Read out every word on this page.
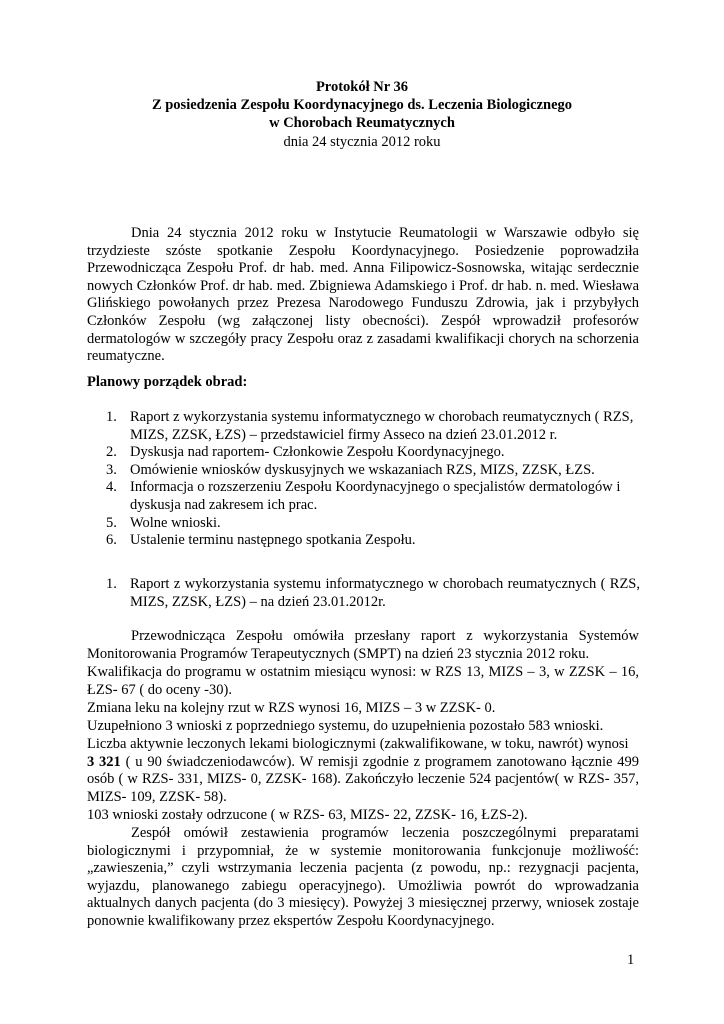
Protokół Nr 36
Z posiedzenia Zespołu Koordynacyjnego ds. Leczenia Biologicznego
w Chorobach Reumatycznych
dnia 24 stycznia 2012 roku
Dnia 24 stycznia 2012 roku w Instytucie Reumatologii w Warszawie odbyło się trzydzieste szóste spotkanie Zespołu Koordynacyjnego. Posiedzenie poprowadziła Przewodnicząca Zespołu Prof. dr hab. med. Anna Filipowicz-Sosnowska, witając serdecznie nowych Członków Prof. dr hab. med. Zbigniewa Adamskiego i Prof. dr hab. n. med. Wiesława Glińskiego powołanych przez Prezesa Narodowego Funduszu Zdrowia, jak i przybyłych Członków Zespołu (wg załączonej listy obecności). Zespół wprowadził profesorów dermatologów w szczegóły pracy Zespołu oraz z zasadami kwalifikacji chorych na schorzenia reumatyczne.
Planowy porządek obrad:
1. Raport z wykorzystania systemu informatycznego w chorobach reumatycznych ( RZS, MIZS, ZZSK, ŁZS) – przedstawiciel firmy Asseco na dzień 23.01.2012 r.
2. Dyskusja nad raportem- Członkowie Zespołu Koordynacyjnego.
3. Omówienie wniosków dyskusyjnych we wskazaniach RZS, MIZS, ZZSK, ŁZS.
4. Informacja o rozszerzeniu Zespołu Koordynacyjnego o specjalistów dermatologów i dyskusja nad zakresem ich prac.
5. Wolne wnioski.
6. Ustalenie terminu następnego spotkania Zespołu.
1. Raport z wykorzystania systemu informatycznego w chorobach reumatycznych ( RZS, MIZS, ZZSK, ŁZS) – na dzień 23.01.2012r.
Przewodnicząca Zespołu omówiła przesłany raport z wykorzystania Systemów Monitorowania Programów Terapeutycznych (SMPT) na dzień 23 stycznia 2012 roku.
Kwalifikacja do programu w ostatnim miesiącu wynosi: w RZS 13, MIZS – 3, w ZZSK – 16, ŁZS- 67 ( do oceny -30).
Zmiana leku na kolejny rzut w RZS wynosi 16, MIZS – 3 w ZZSK- 0.
Uzupełniono 3 wnioski z poprzedniego systemu, do uzupełnienia pozostało 583 wnioski.
Liczba aktywnie leczonych lekami biologicznymi (zakwalifikowane, w toku, nawrót) wynosi
3 321 ( u 90 świadczeniodawców). W remisji zgodnie z programem zanotowano łącznie 499 osób ( w RZS- 331, MIZS- 0, ZZSK- 168). Zakończyło leczenie 524 pacjentów( w RZS- 357, MIZS- 109, ZZSK- 58).
103 wnioski zostały odrzucone ( w RZS- 63, MIZS- 22, ZZSK- 16, ŁZS-2).
Zespół omówił zestawienia programów leczenia poszczególnymi preparatami biologicznymi i przypomniał, że w systemie monitorowania funkcjonuje możliwość: „zawieszenia,” czyli wstrzymania leczenia pacjenta (z powodu, np.: rezygnacji pacjenta, wyjazdu, planowanego zabiegu operacyjnego). Umożliwia powrót do wprowadzania aktualnych danych pacjenta (do 3 miesięcy). Powyżej 3 miesięcznej przerwy, wniosek zostaje ponownie kwalifikowany przez ekspertów Zespołu Koordynacyjnego.
1
